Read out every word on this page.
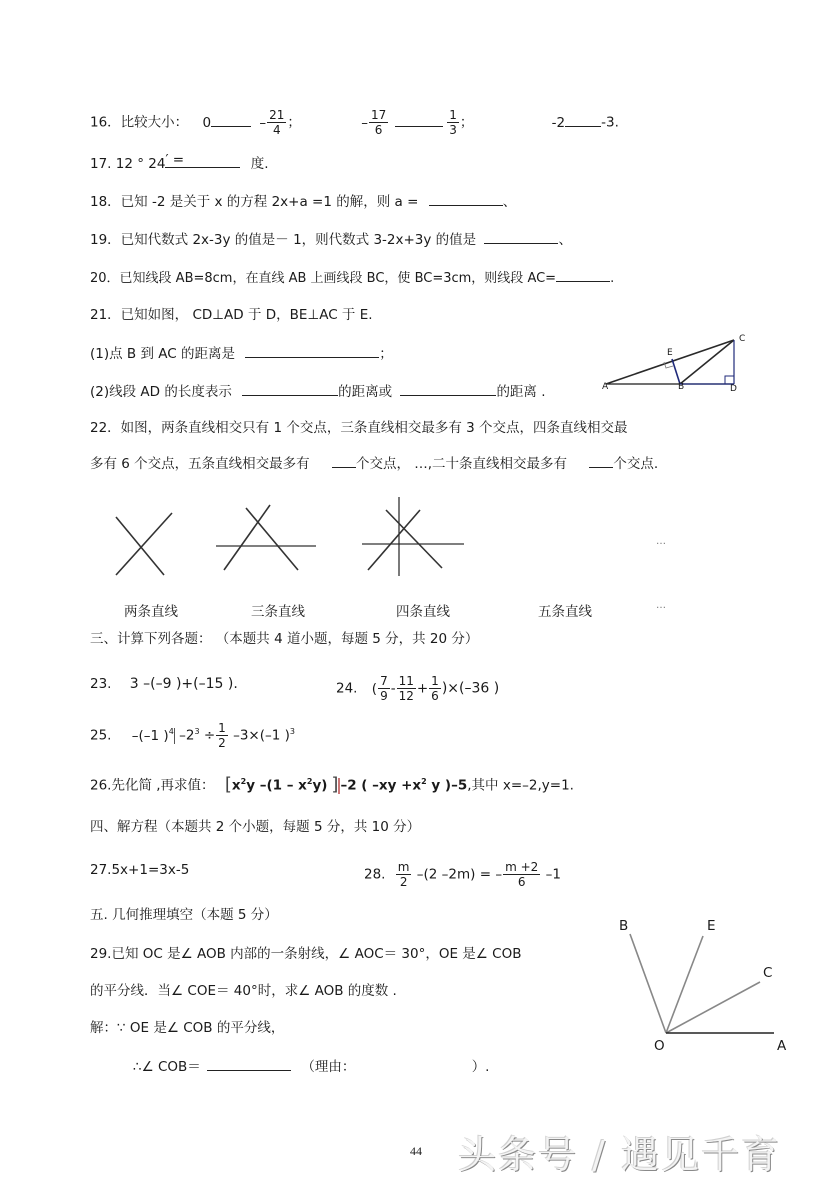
16．比较大小： 0	– $\frac{21}{4}$ ；	– $\frac{17}{6}$	$\frac{1}{3}$ ；	-2	-3.
17. 12 ° 24 ′ =	度.
18．已知 -2 是关于 x 的方程 2x+a =1 的解，则 a =	、
19．已知代数式 2x-3y 的值是－ 1，则代数式 3-2x+3y 的值是	、
20．已知线段 AB=8cm，在直线 AB 上画线段 BC，使 BC=3cm，则线段 AC=	.
21．已知如图， CD⊥AD 于 D，BE⊥AC 于 E.
(1)点 B 到 AC 的距离是	；
(2)线段 AD 的长度表示	的距离或	的距离 .	A	B
C
D
E
22．如图，两条直线相交只有 1 个交点，三条直线相交最多有 3 个交点，四条直线相交最
多有 6 个交点，五条直线相交最多有	个交点， …,二十条直线相交最多有	个交点.
…
两条直线	三条直线	四条直线	五条直线	…
三、计算下列各题： （本题共 4 道小题，每题 5 分，共 20 分）
23. 3 –(–9 )+(–15 ).	24. ( $\frac{7}{9} - \frac{11}{12} + \frac{1}{6} )\times(-36$ )
25. –(–1 )$^4$ $-2^3 \div \frac{1}{2} -3\times(-1$ )$^3$
26.先化简 ,再求值： [$x^2y$ $-(1 - x^2y)$ ] –2 ( $-xy +x^2$ y )–5,其中 x=–2,y=1.
四、解方程（本题共 2 个小题，每题 5 分，共 10 分）
27.5x+1=3x-5	28. $\frac{m}{2} -(2$ –2m) = – $\frac{m +2}{6} -1$
五. 几何推理填空（本题 5 分）
29.已知 OC 是∠ AOB 内部的一条射线，∠ AOC＝ 30°，OE 是∠ COB
的平分线．当∠ COE＝ 40°时，求∠ AOB 的度数 .
解：∵ OE 是∠ COB 的平分线，
∴∠ COB＝	（理由：	）.
B	E
C
O	A
44 头条号 / 遇见千育
